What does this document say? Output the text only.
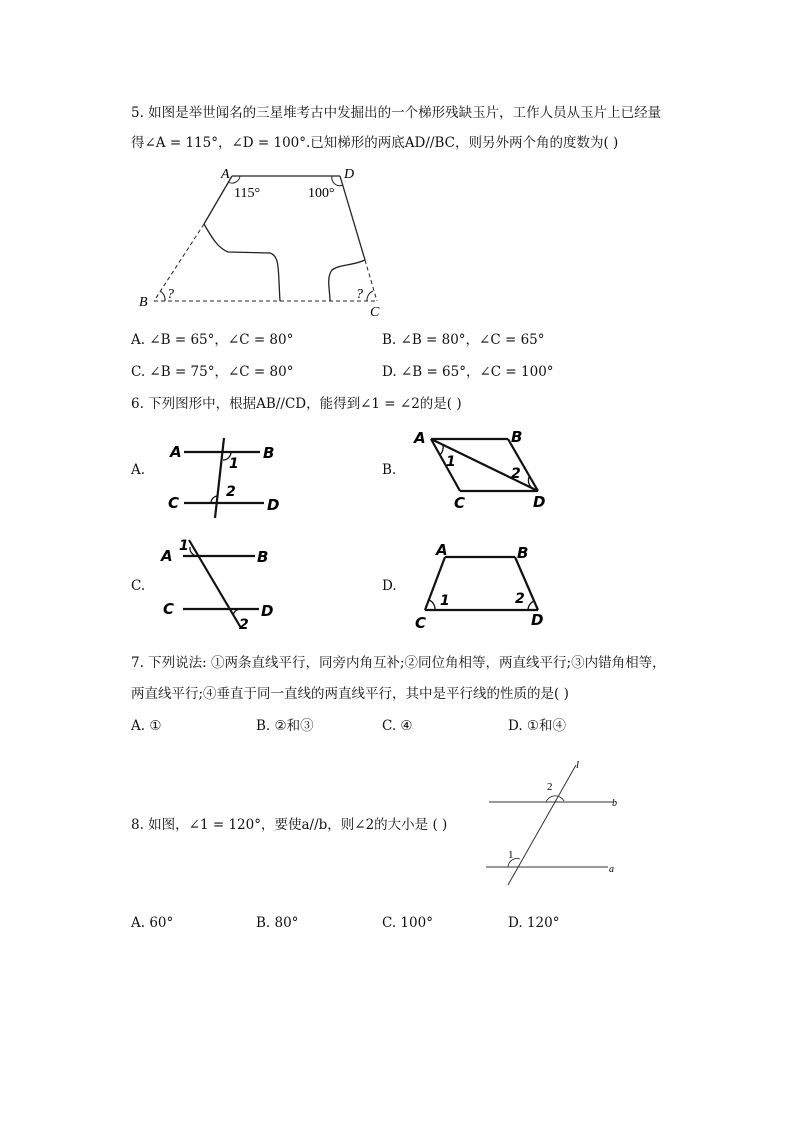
5. 如图是举世闻名的三星堆考古中发掘出的一个梯形残缺玉片，工作人员从玉片上已经量
得∠A = 115°，∠D = 100°.已知梯形的两底AD//BC，则另外两个角的度数为( )
A	D
B
C
115°	100°
?	?
A. ∠B = 65°，∠C = 80°	B. ∠B = 80°，∠C = 65°
C. ∠B = 75°，∠C = 80°	D. ∠B = 65°，∠C = 100°
6. 下列图形中，根据AB//CD，能得到∠1 = ∠2的是( )
A.
A	B
C	D
1
2
B.
A	B
C	D
1
2
C.
A
1
B
C	D
2
D.
A	B
C	D
1	2
7. 下列说法: ①两条直线平行，同旁内角互补;②同位角相等，两直线平行;③内错角相等，
两直线平行;④垂直于同一直线的两直线平行，其中是平行线的性质的是( )
A. ①	B. ②和③	C. ④	D. ①和④
8. 如图，∠1 = 120°，要使a//b，则∠2的大小是 ( )
l
b
a
2
1
A. 60°	B. 80°	C. 100°	D. 120°
